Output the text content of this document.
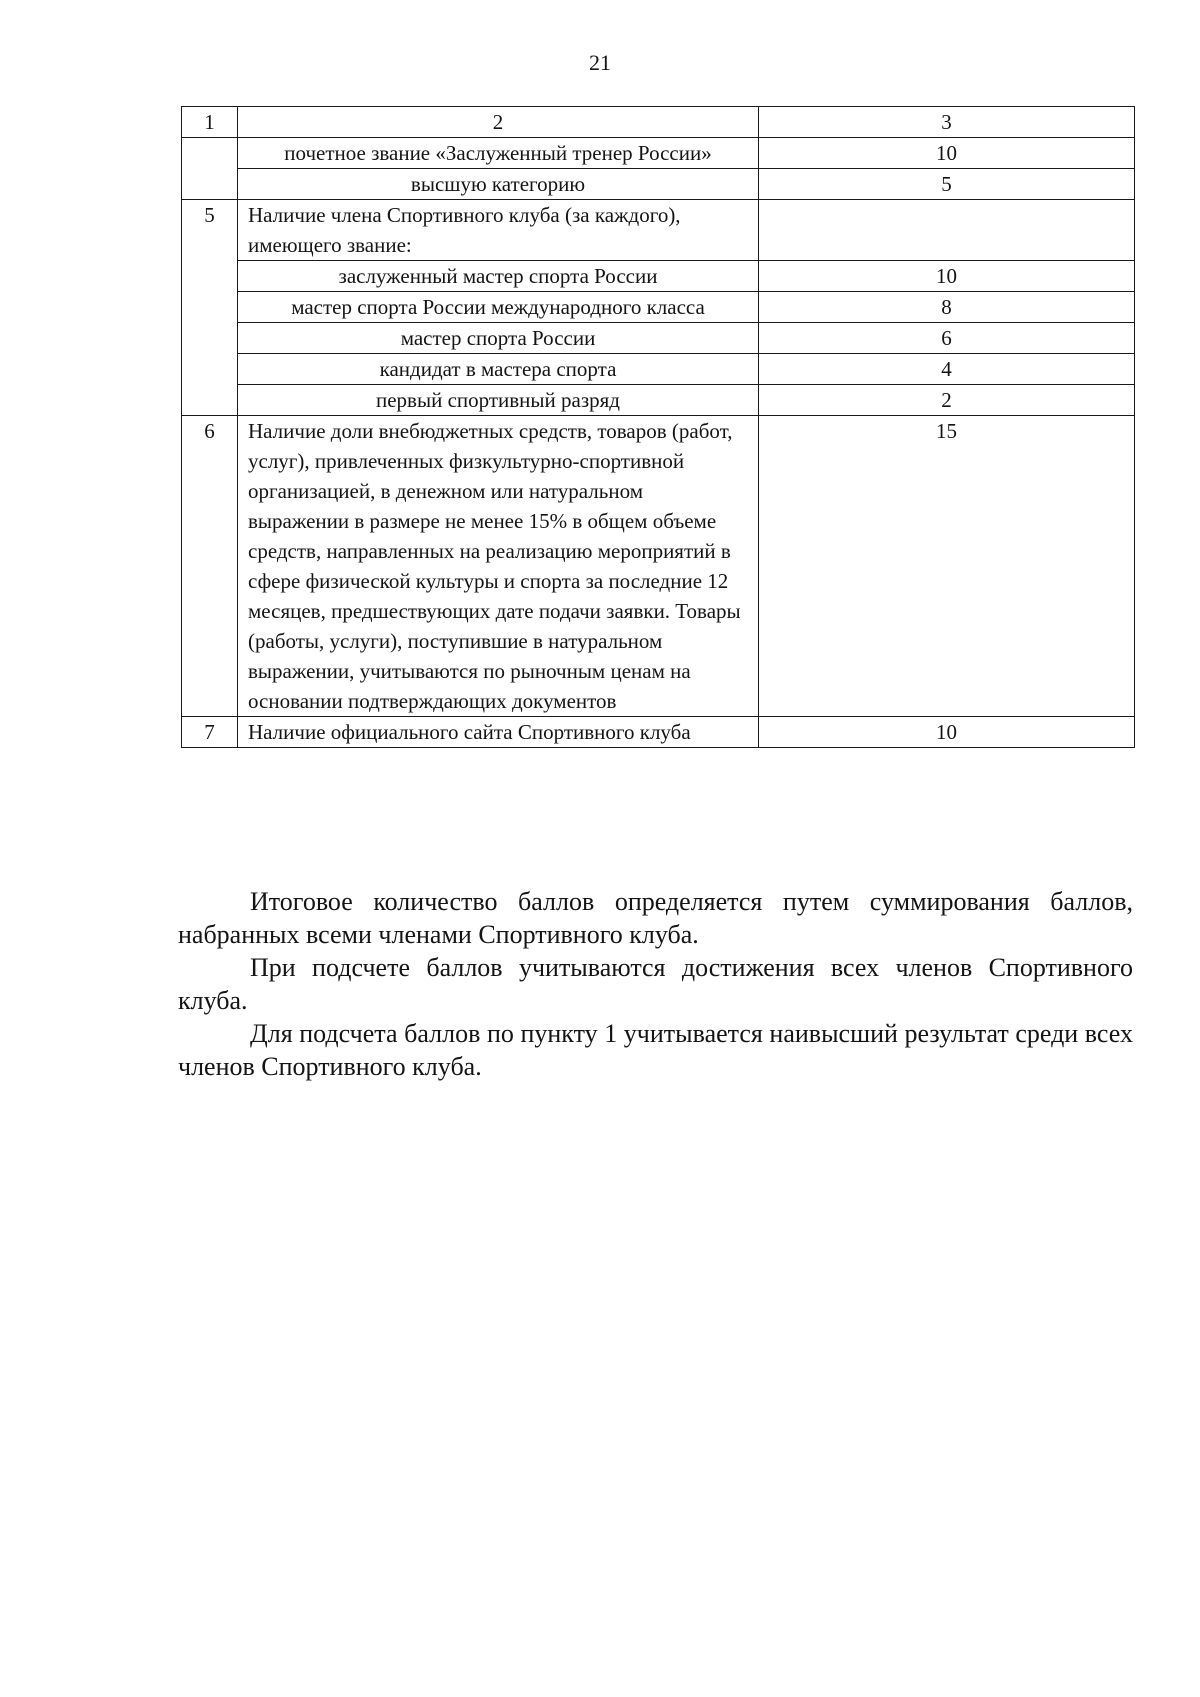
21
1	2	3
	почетное звание «Заслуженный тренер России»	10
	высшую категорию	5
5	Наличие члена Спортивного клуба (за каждого), имеющего звание:	
	заслуженный мастер спорта России	10
	мастер спорта России международного класса	8
	мастер спорта России	6
	кандидат в мастера спорта	4
	первый спортивный разряд	2
6	Наличие доли внебюджетных средств, товаров (работ, услуг), привлеченных физкультурно-спортивной организацией, в денежном или натуральном выражении в размере не менее 15% в общем объеме средств, направленных на реализацию мероприятий в сфере физической культуры и спорта за последние 12 месяцев, предшествующих дате подачи заявки. Товары (работы, услуги), поступившие в натуральном выражении, учитываются по рыночным ценам на основании подтверждающих документов	15
7	Наличие официального сайта Спортивного клуба	10

Итоговое количество баллов определяется путем суммирования баллов, набранных всеми членами Спортивного клуба.

При подсчете баллов учитываются достижения всех членов Спортивного клуба.

Для подсчета баллов по пункту 1 учитывается наивысший результат среди всех членов Спортивного клуба.
